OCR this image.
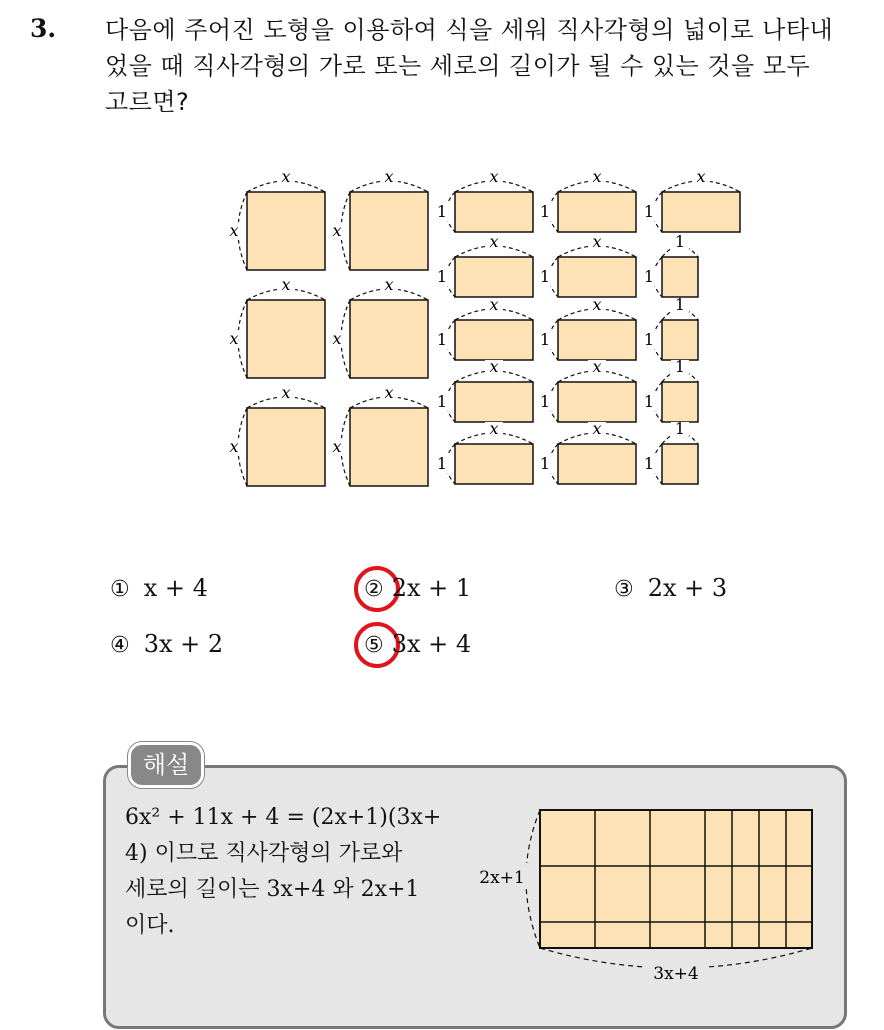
3. 다음에 주어진 도형을 이용하여 식을 세워 직사각형의 넓이로 나타내
었을 때 직사각형의 가로 또는 세로의 길이가 될 수 있는 것을 모두
고르면?
x
x
x
x
x
x
x
x
x
x
x
x
x
1
x
1
x
1
x
1
x
1
1
1
x
1
x
1
1
1
x
1
x
1
1
1
x
1
x
1
1
1
① x + 4	② 2x + 1	③ 2x + 3
④ 3x + 2	⑤ 3x + 4
해설
6x² + 11x + 4 = (2x+1)(3x+
4) 이므로 직사각형의 가로와
세로의 길이는 3x+4 와 2x+1
이다.
2x+1
3x+4
